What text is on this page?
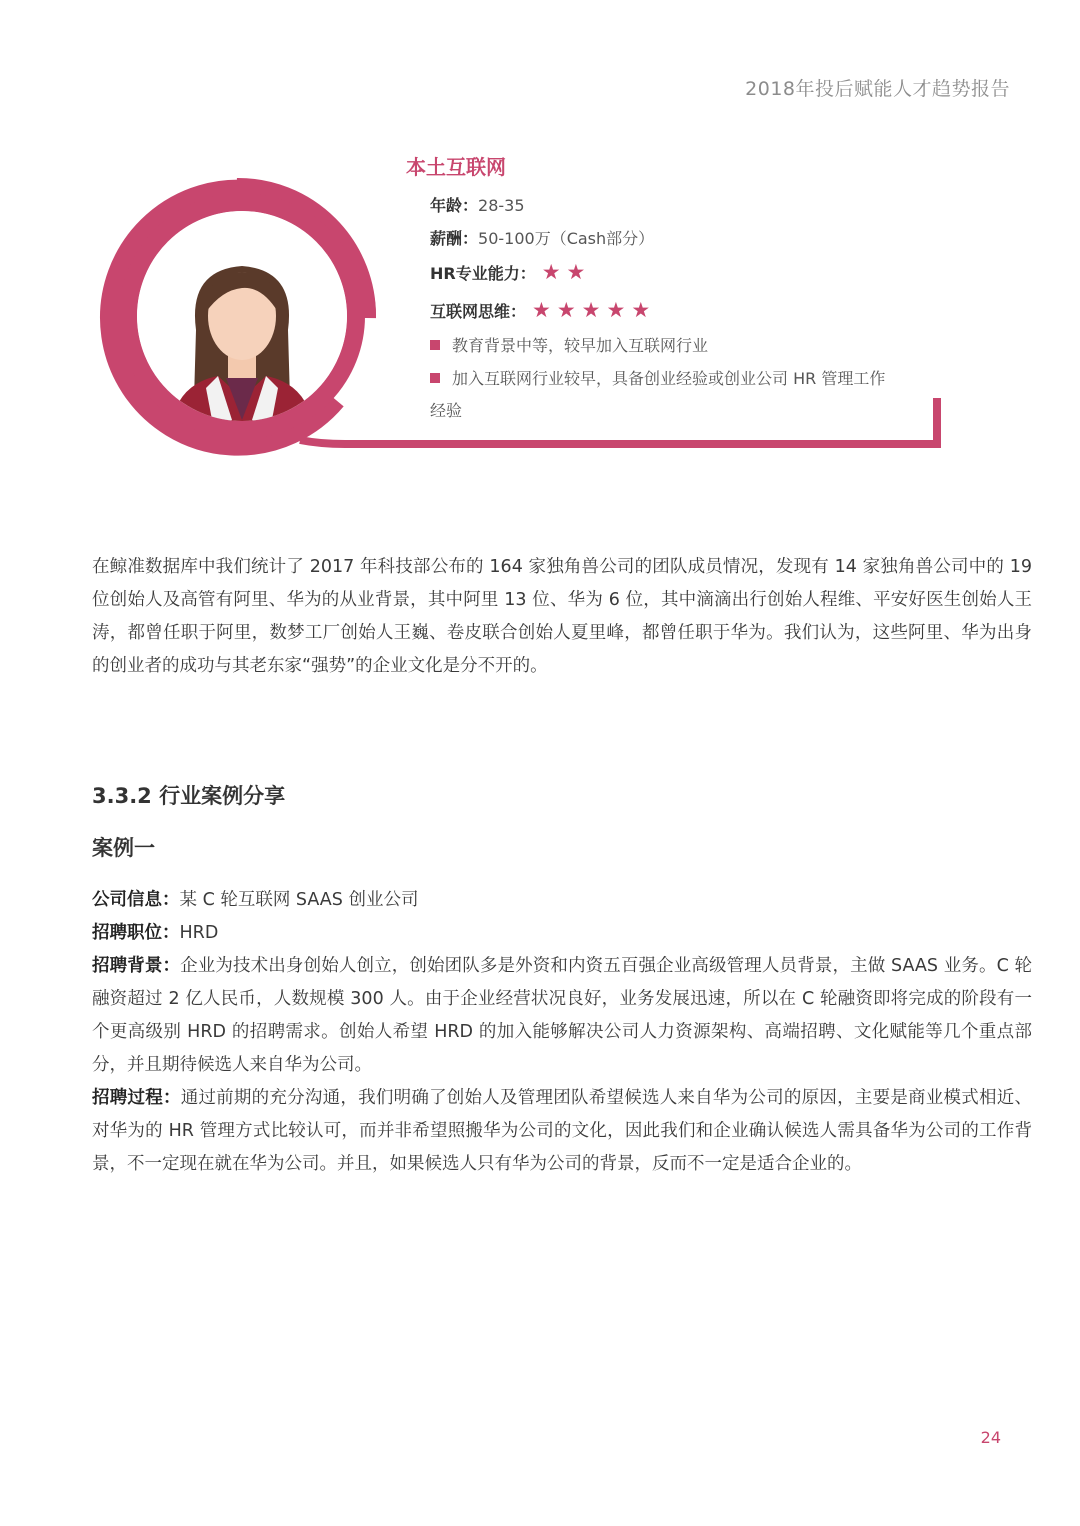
2018年投后赋能人才趋势报告
本土互联网
年龄：28-35
薪酬：50-100万（Cash部分）
HR专业能力： ★★
互联网思维： ★★★★★
教育背景中等，较早加入互联网行业
加入互联网行业较早，具备创业经验或创业公司 HR 管理工作经验

在鲸准数据库中我们统计了 2017 年科技部公布的 164 家独角兽公司的团队成员情况，发现有 14 家独角兽公司中的 19 位创始人及高管有阿里、华为的从业背景，其中阿里 13 位、华为 6 位，其中滴滴出行创始人程维、平安好医生创始人王涛，都曾任职于阿里，数梦工厂创始人王巍、卷皮联合创始人夏里峰，都曾任职于华为。我们认为，这些阿里、华为出身的创业者的成功与其老东家“强势”的企业文化是分不开的。

3.3.2 行业案例分享
案例一

公司信息：某 C 轮互联网 SAAS 创业公司

招聘职位：HRD

招聘背景：企业为技术出身创始人创立，创始团队多是外资和内资五百强企业高级管理人员背景，主做 SAAS 业务。C 轮融资超过 2 亿人民币，人数规模 300 人。由于企业经营状况良好，业务发展迅速，所以在 C 轮融资即将完成的阶段有一个更高级别 HRD 的招聘需求。创始人希望 HRD 的加入能够解决公司人力资源架构、高端招聘、文化赋能等几个重点部分，并且期待候选人来自华为公司。

招聘过程：通过前期的充分沟通，我们明确了创始人及管理团队希望候选人来自华为公司的原因，主要是商业模式相近、对华为的 HR 管理方式比较认可，而并非希望照搬华为公司的文化，因此我们和企业确认候选人需具备华为公司的工作背景，不一定现在就在华为公司。并且，如果候选人只有华为公司的背景，反而不一定是适合企业的。

24
